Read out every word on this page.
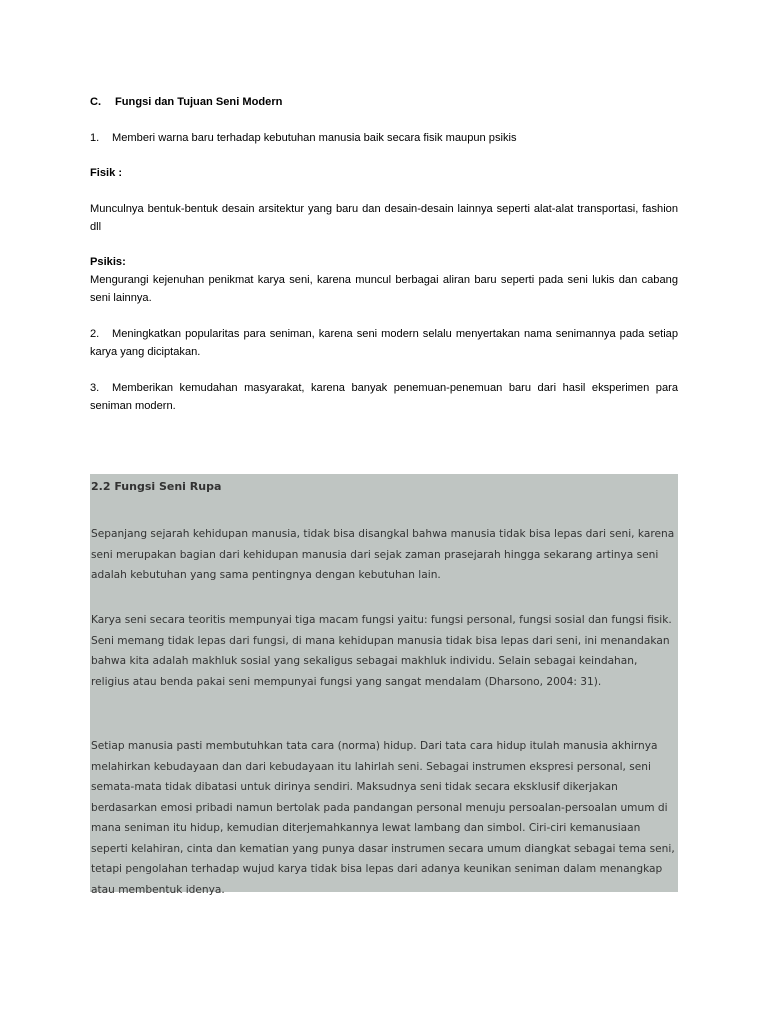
C. Fungsi dan Tujuan Seni Modern

1. Memberi warna baru terhadap kebutuhan manusia baik secara fisik maupun psikis

Fisik :

Munculnya bentuk-bentuk desain arsitektur yang baru dan desain-desain lainnya seperti alat-alat transportasi, fashion dll

Psikis:

Mengurangi kejenuhan penikmat karya seni, karena muncul berbagai aliran baru seperti pada seni lukis dan cabang seni lainnya.

2. Meningkatkan popularitas para seniman, karena seni modern selalu menyertakan nama senimannya pada setiap karya yang diciptakan.

3. Memberikan kemudahan masyarakat, karena banyak penemuan-penemuan baru dari hasil eksperimen para seniman modern.

2.2 Fungsi Seni Rupa

Sepanjang sejarah kehidupan manusia, tidak bisa disangkal bahwa manusia tidak bisa lepas dari seni, karena seni merupakan bagian dari kehidupan manusia dari sejak zaman prasejarah hingga sekarang artinya seni adalah kebutuhan yang sama pentingnya dengan kebutuhan lain.

Karya seni secara teoritis mempunyai tiga macam fungsi yaitu: fungsi personal, fungsi sosial dan fungsi fisik. Seni memang tidak lepas dari fungsi, di mana kehidupan manusia tidak bisa lepas dari seni, ini menandakan bahwa kita adalah makhluk sosial yang sekaligus sebagai makhluk individu. Selain sebagai keindahan, religius atau benda pakai seni mempunyai fungsi yang sangat mendalam (Dharsono, 2004: 31).

Setiap manusia pasti membutuhkan tata cara (norma) hidup. Dari tata cara hidup itulah manusia akhirnya melahirkan kebudayaan dan dari kebudayaan itu lahirlah seni. Sebagai instrumen ekspresi personal, seni semata-mata tidak dibatasi untuk dirinya sendiri. Maksudnya seni tidak secara eksklusif dikerjakan berdasarkan emosi pribadi namun bertolak pada pandangan personal menuju persoalan-persoalan umum di mana seniman itu hidup, kemudian diterjemahkannya lewat lambang dan simbol. Ciri-ciri kemanusiaan seperti kelahiran, cinta dan kematian yang punya dasar instrumen secara umum diangkat sebagai tema seni, tetapi pengolahan terhadap wujud karya tidak bisa lepas dari adanya keunikan seniman dalam menangkap atau membentuk idenya.
